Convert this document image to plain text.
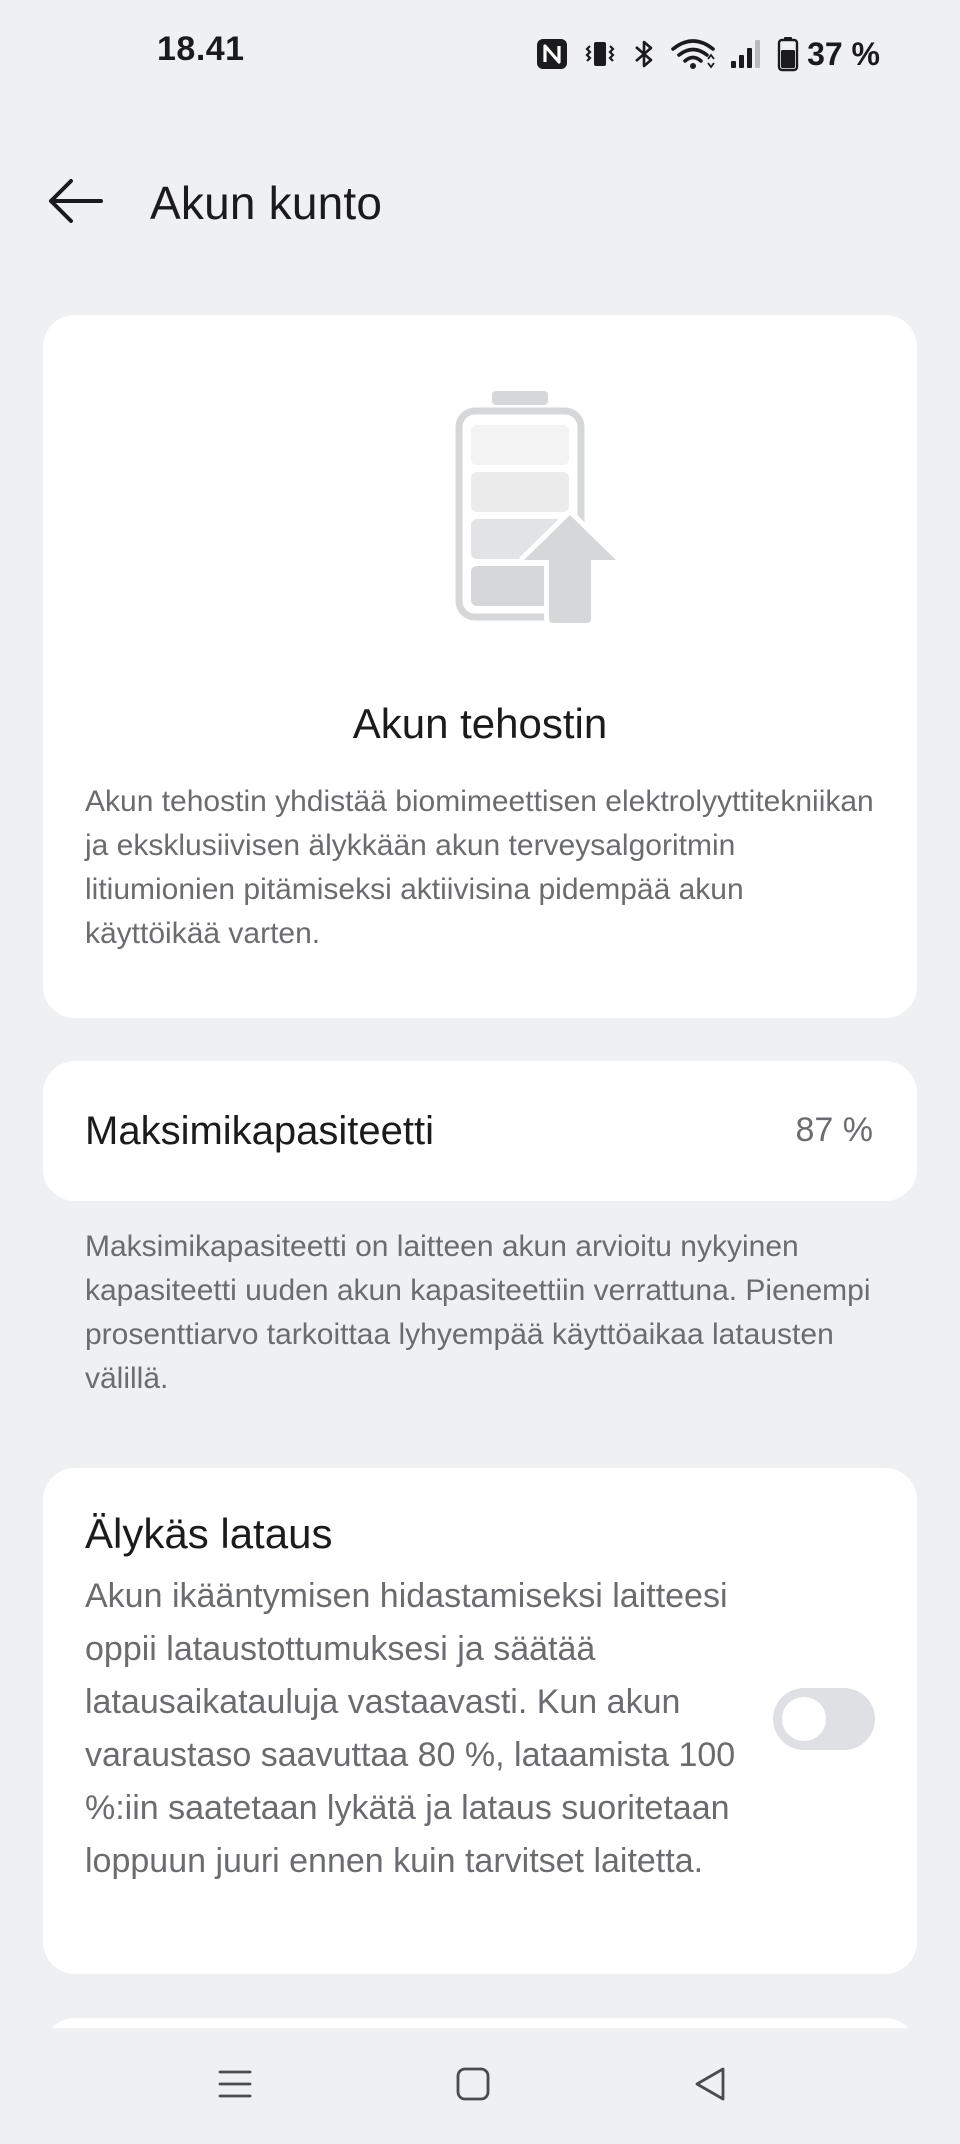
18.41	37 %
Akun kunto
Akun tehostin
Akun tehostin yhdistää biomimeettisen elektrolyyttitekniikan ja eksklusiivisen älykkään akun terveysalgoritmin litiumionien pitämiseksi aktiivisina pidempää akun käyttöikää varten.
Maksimikapasiteetti	87 %
Maksimikapasiteetti on laitteen akun arvioitu nykyinen kapasiteetti uuden akun kapasiteettiin verrattuna. Pienempi prosenttiarvo tarkoittaa lyhyempää käyttöaikaa latausten välillä.
Älykäs lataus
Akun ikääntymisen hidastamiseksi laitteesi oppii lataustottumuksesi ja säätää latausaikatauluja vastaavasti. Kun akun varaustaso saavuttaa 80 %, lataamista 100 %:iin saatetaan lykätä ja lataus suoritetaan loppuun juuri ennen kuin tarvitset laitetta.
